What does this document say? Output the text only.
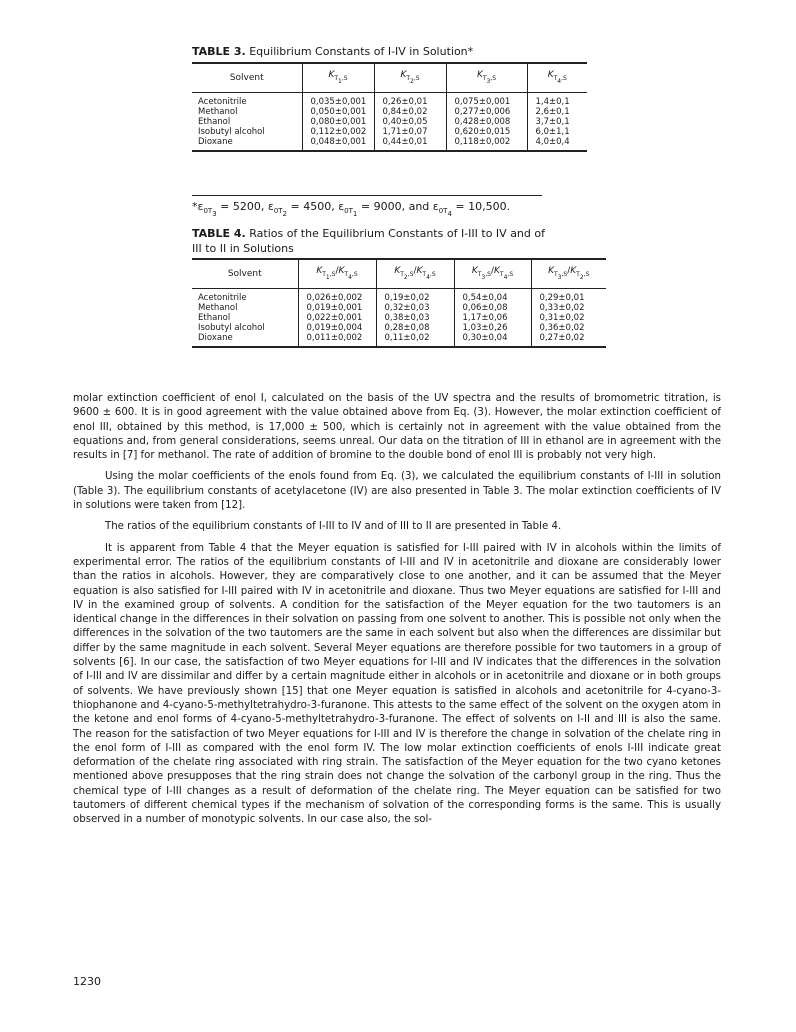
TABLE 3. Equilibrium Constants of I-IV in Solution*
Solvent	$K_{T_1,S}$	$K_{T_2,S}$	$K_{T_3,S}$	$K_{T_4,S}$

Acetonitrile	0,035±0,001	0,26±0,01	0,075±0,001	1,4±0,1
Methanol	0,050±0,001	0,84±0,02	0,277±0,006	2,6±0,1
Ethanol	0,080±0,001	0,40±0,05	0,428±0,008	3,7±0,1
Isobutyl alcohol	0,112±0,002	1,71±0,07	0,620±0,015	6,0±1,1
Dioxane	0,048±0,001	0,44±0,01	0,118±0,002	4,0±0,4
$*\varepsilon_{0T_3} = 5200$, $\varepsilon_{0T_2} = 4500$, $\varepsilon_{0T_1} = 9000$, and $\varepsilon_{0T_4} = 10,500$.
TABLE 4. Ratios of the Equilibrium Constants of I-III to IV and of
III to II in Solutions
Solvent	$K_{T_1,S}/K_{T_4,S}$	$K_{T_2,S}/K_{T_4,S}$	$K_{T_3,S}/K_{T_4,S}$	$K_{T_3,S}/K_{T_2,S}$

Acetonitrile	0,026±0,002	0,19±0,02	0,54±0,04	0,29±0,01
Methanol	0,019±0,001	0,32±0,03	0,06±0,08	0,33±0,02
Ethanol	0,022±0,001	0,38±0,03	1,17±0,06	0,31±0,02
Isobutyl alcohol	0,019±0,004	0,28±0,08	1,03±0,26	0,36±0,02
Dioxane	0,011±0,002	0,11±0,02	0,30±0,04	0,27±0,02

molar extinction coefficient of enol I, calculated on the basis of the UV spectra and the results of bromometric titration, is 9600 ± 600. It is in good agreement with the value obtained above from Eq. (3). However, the molar extinction coefficient of enol III, obtained by this method, is 17,000 ± 500, which is certainly not in agreement with the value obtained from the equations and, from general considerations, seems unreal. Our data on the titration of III in ethanol are in agreement with the results in [7] for methanol. The rate of addition of bromine to the double bond of enol III is probably not very high.

Using the molar coefficients of the enols found from Eq. (3), we calculated the equilibrium constants of I-III in solution (Table 3). The equilibrium constants of acetylacetone (IV) are also presented in Table 3. The molar extinction coefficients of IV in solutions were taken from [12].

The ratios of the equilibrium constants of I-III to IV and of III to II are presented in Table 4.

It is apparent from Table 4 that the Meyer equation is satisfied for I-III paired with IV in alcohols within the limits of experimental error. The ratios of the equilibrium constants of I-III and IV in acetonitrile and dioxane are considerably lower than the ratios in alcohols. However, they are comparatively close to one another, and it can be assumed that the Meyer equation is also satisfied for I-III paired with IV in acetonitrile and dioxane. Thus two Meyer equations are satisfied for I-III and IV in the examined group of solvents. A condition for the satisfaction of the Meyer equation for the two tautomers is an identical change in the differences in their solvation on passing from one solvent to another. This is possible not only when the differences in the solvation of the two tautomers are the same in each solvent but also when the differences are dissimilar but differ by the same magnitude in each solvent. Several Meyer equations are therefore possible for two tautomers in a group of solvents [6]. In our case, the satisfaction of two Meyer equations for I-III and IV indicates that the differences in the solvation of I-III and IV are dissimilar and differ by a certain magnitude either in alcohols or in acetonitrile and dioxane or in both groups of solvents. We have previously shown [15] that one Meyer equation is satisfied in alcohols and acetonitrile for 4-cyano-3-thiophanone and 4-cyano-5-methyltetrahydro-3-furanone. This attests to the same effect of the solvent on the oxygen atom in the ketone and enol forms of 4-cyano-5-methyltetrahydro-3-furanone. The effect of solvents on I-II and III is also the same. The reason for the satisfaction of two Meyer equations for I-III and IV is therefore the change in solvation of the chelate ring in the enol form of I-III as compared with the enol form IV. The low molar extinction coefficients of enols I-III indicate great deformation of the chelate ring associated with ring strain. The satisfaction of the Meyer equation for the two cyano ketones mentioned above presupposes that the ring strain does not change the solvation of the carbonyl group in the ring. Thus the chemical type of I-III changes as a result of deformation of the chelate ring. The Meyer equation can be satisfied for two tautomers of different chemical types if the mechanism of solvation of the corresponding forms is the same. This is usually observed in a number of monotypic solvents. In our case also, the sol-

1230
